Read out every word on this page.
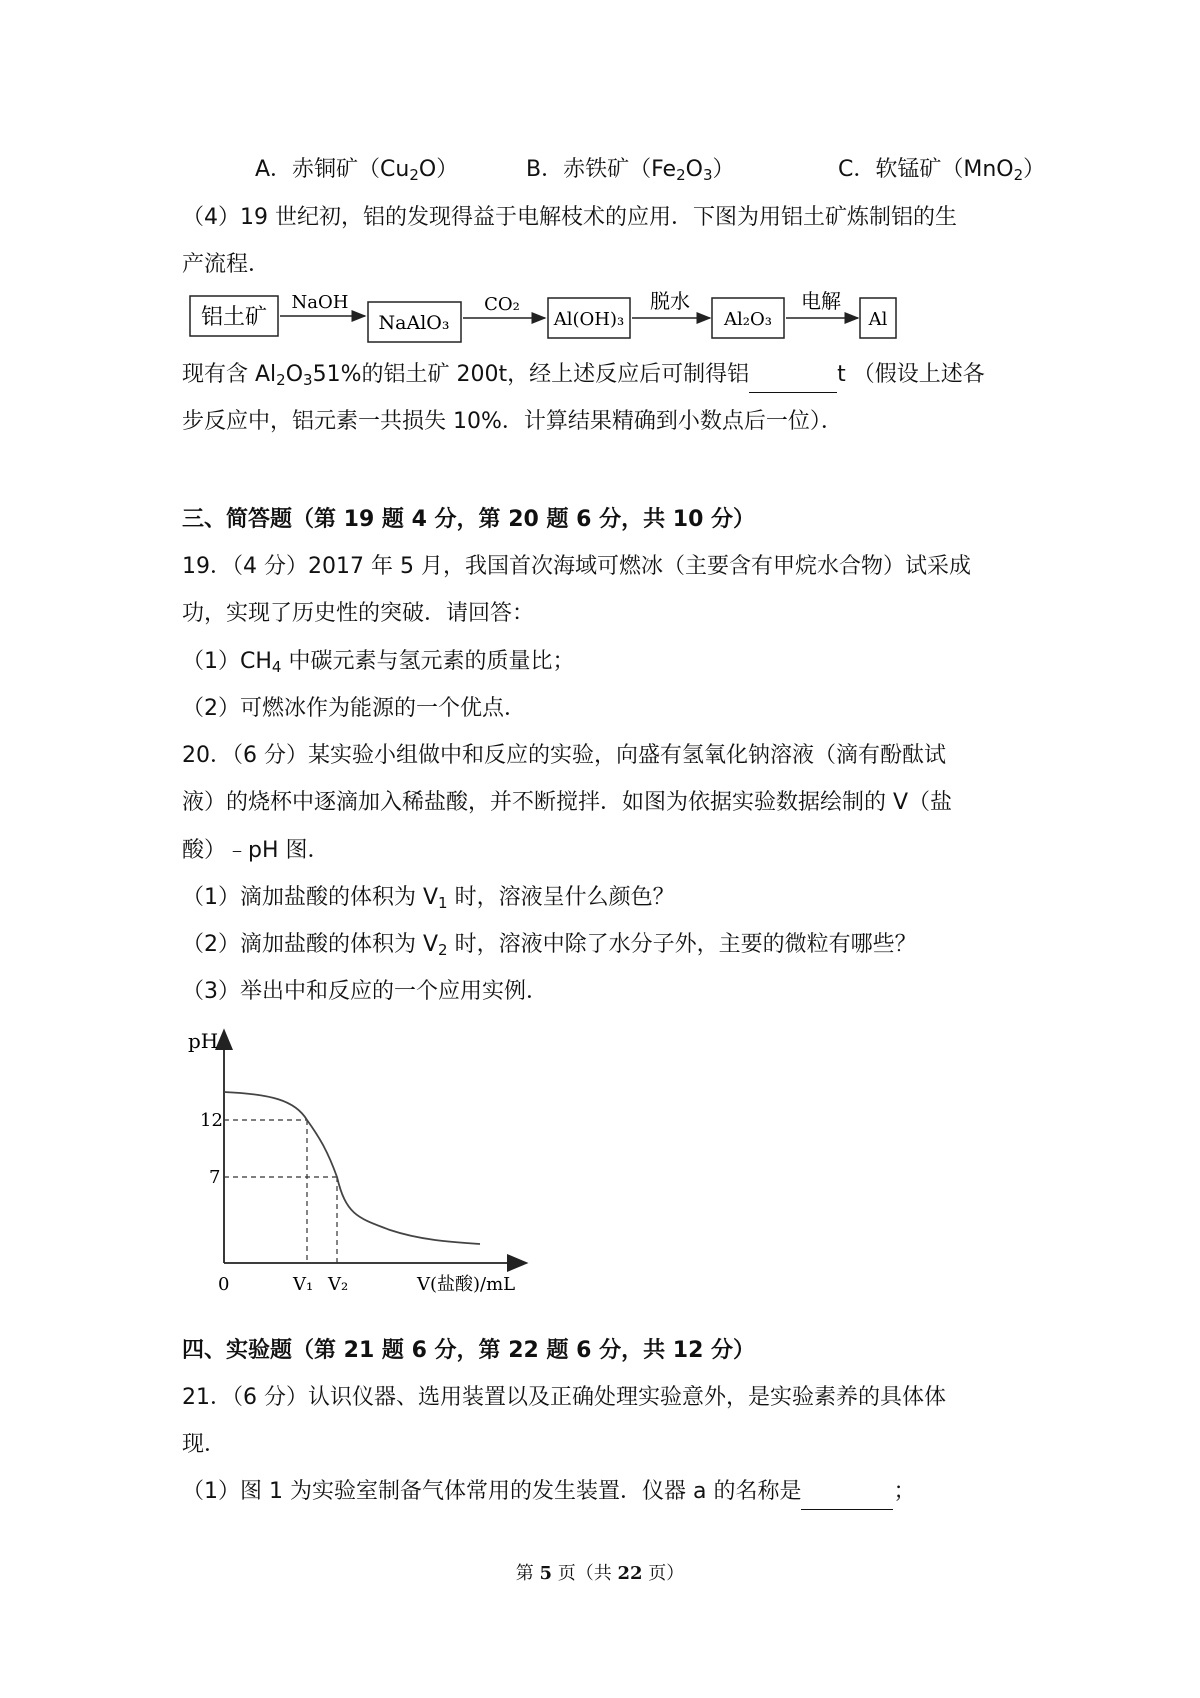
A．赤铜矿$(Cu_2O)$	B．赤铁矿$(Fe_2O_3)$	C．软锰矿（MnO$_2$）
（4）19 世纪初，铝的发现得益于电解枝术的应用．下图为用铝土矿炼制铝的生
产流程．
铝土矿
NaOH
NaAlO₃
CO₂
Al(OH)₃
脱水
Al₂O₃
电解
Al
现有含 $Al_2O_351\%$的铝土矿 200t，经上述反应后可制得铝	t （假设上述各
步反应中，铝元素一共损失 10%．计算结果精确到小数点后一位）．
三、简答题（第 19 题 4 分，第 20 题 6 分，共 10 分）
19．（4 分）2017 年 5 月，我国首次海域可燃冰（主要含有甲烷水合物）试采成
功，实现了历史性的突破．请回答：
$(1)CH_4$ 中碳元素与氢元素的质量比；
（2）可燃冰作为能源的一个优点．
20．（6 分）某实验小组做中和反应的实验，向盛有氢氧化钠溶液（滴有酚酞试
液）的烧杯中逐滴加入稀盐酸，并不断搅拌．如图为依据实验数据绘制的 V（盐
酸）﹣pH 图．
（1）滴加盐酸的体积为 $V_1$ 时，溶液呈什么颜色？
（2）滴加盐酸的体积为 $V_2$ 时，溶液中除了水分子外，主要的微粒有哪些？
（3）举出中和反应的一个应用实例．
pH
12
7
0	V₁ V₂	V(盐酸)/mL
四、实验题（第 21 题 6 分，第 22 题 6 分，共 12 分）
21．（6 分）认识仪器、选用装置以及正确处理实验意外，是实验素养的具体体
现．
（1）图 1 为实验室制备气体常用的发生装置．仪器 a 的名称是	；
第 5 页（共 22 页）
